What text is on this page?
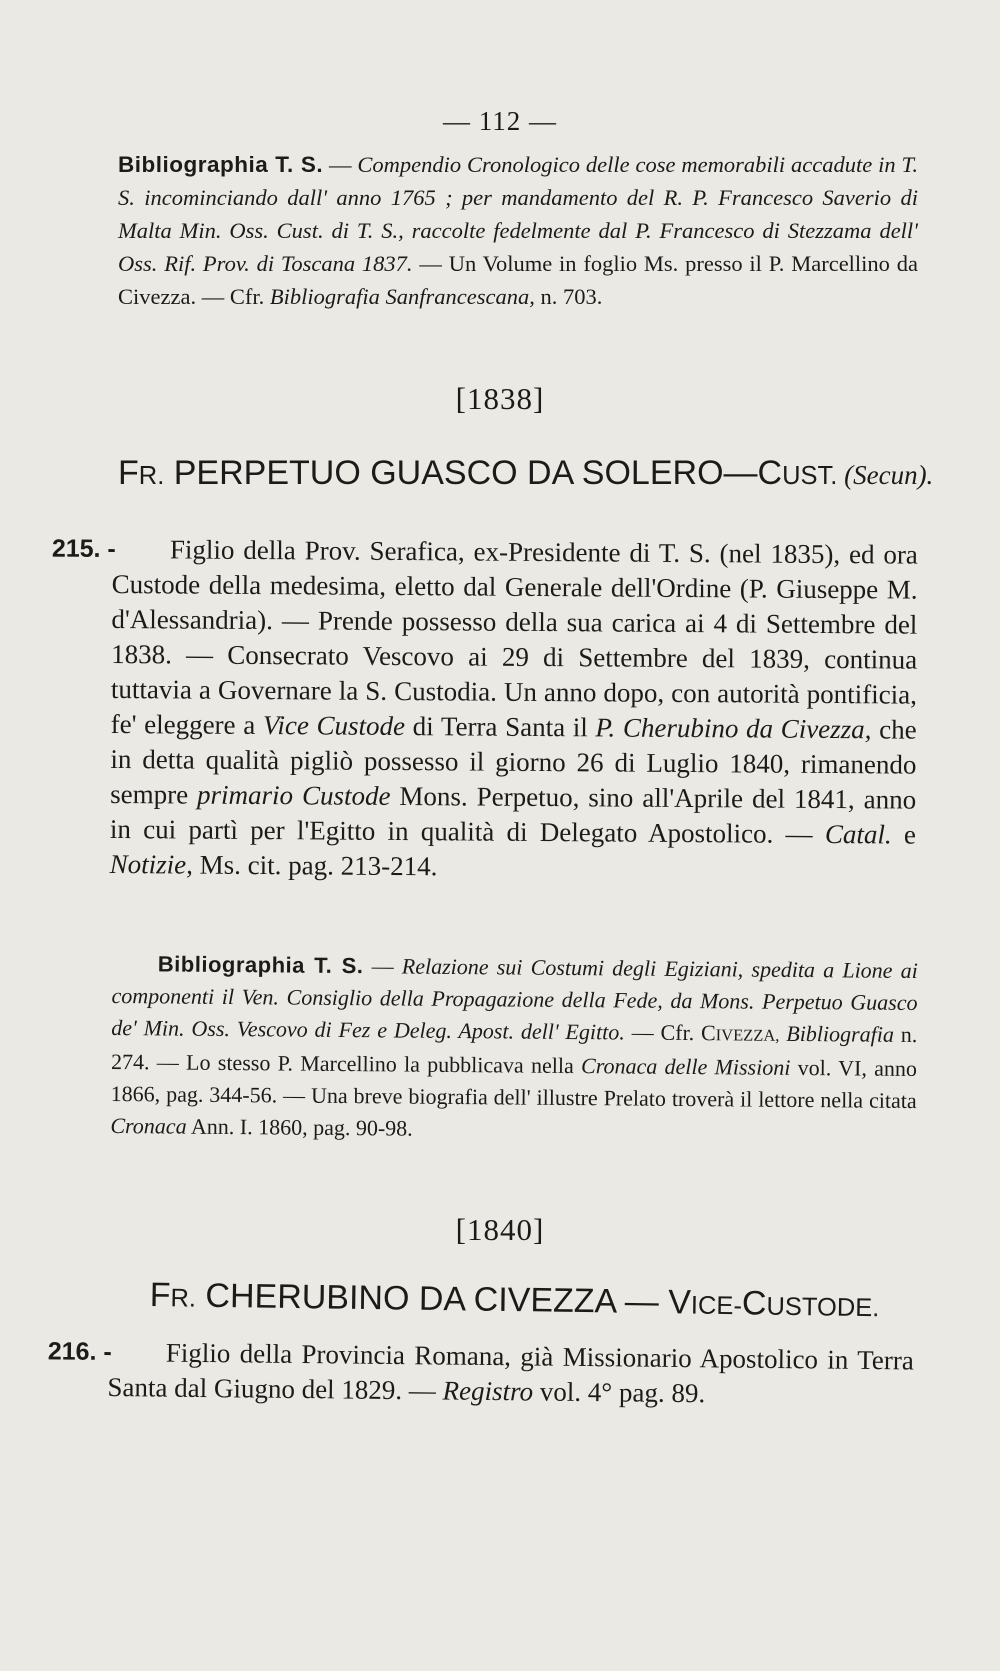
— 112 —
Bibliographia T. S. — Compendio Cronologico delle cose memorabili accadute in T. S. incominciando dall' anno 1765 ; per mandamento del R. P. Francesco Saverio di Malta Min. Oss. Cust. di T. S., raccolte fedelmente dal P. Francesco di Stezzama dell' Oss. Rif. Prov. di Toscana 1837. — Un Volume in foglio Ms. presso il P. Marcellino da Civezza. — Cfr. Bibliografia Sanfrancescana, n. 703.
[1838]
FR. PERPETUO GUASCO DA SOLERO—CUST. (Secun).
215. - Figlio della Prov. Serafica, ex-Presidente di T. S. (nel 1835), ed ora Custode della medesima, eletto dal Generale dell'Ordine (P. Giuseppe M. d'Alessandria). — Prende possesso della sua carica ai 4 di Settembre del 1838. — Consecrato Vescovo ai 29 di Settembre del 1839, continua tuttavia a Governare la S. Custodia. Un anno dopo, con autorità pontificia, fe' eleggere a Vice Custode di Terra Santa il P. Cherubino da Civezza, che in detta qualità pigliò possesso il giorno 26 di Luglio 1840, rimanendo sempre primario Custode Mons. Perpetuo, sino all'Aprile del 1841, anno in cui partì per l'Egitto in qualità di Delegato Apostolico. — Catal. e Notizie, Ms. cit. pag. 213-214.
Bibliographia T. S. — Relazione sui Costumi degli Egiziani, spedita a Lione ai componenti il Ven. Consiglio della Propagazione della Fede, da Mons. Perpetuo Guasco de' Min. Oss. Vescovo di Fez e Deleg. Apost. dell' Egitto. — Cfr. CIVEZZA, Bibliografia n. 274. — Lo stesso P. Marcellino la pubblicava nella Cronaca delle Missioni vol. VI, anno 1866, pag. 344-56. — Una breve biografia dell' illustre Prelato troverà il lettore nella citata Cronaca Ann. I. 1860, pag. 90-98.
[1840]
FR. CHERUBINO DA CIVEZZA — VICE-CUSTODE.
216. - Figlio della Provincia Romana, già Missionario Apostolico in Terra Santa dal Giugno del 1829. — Registro vol. 4° pag. 89.
